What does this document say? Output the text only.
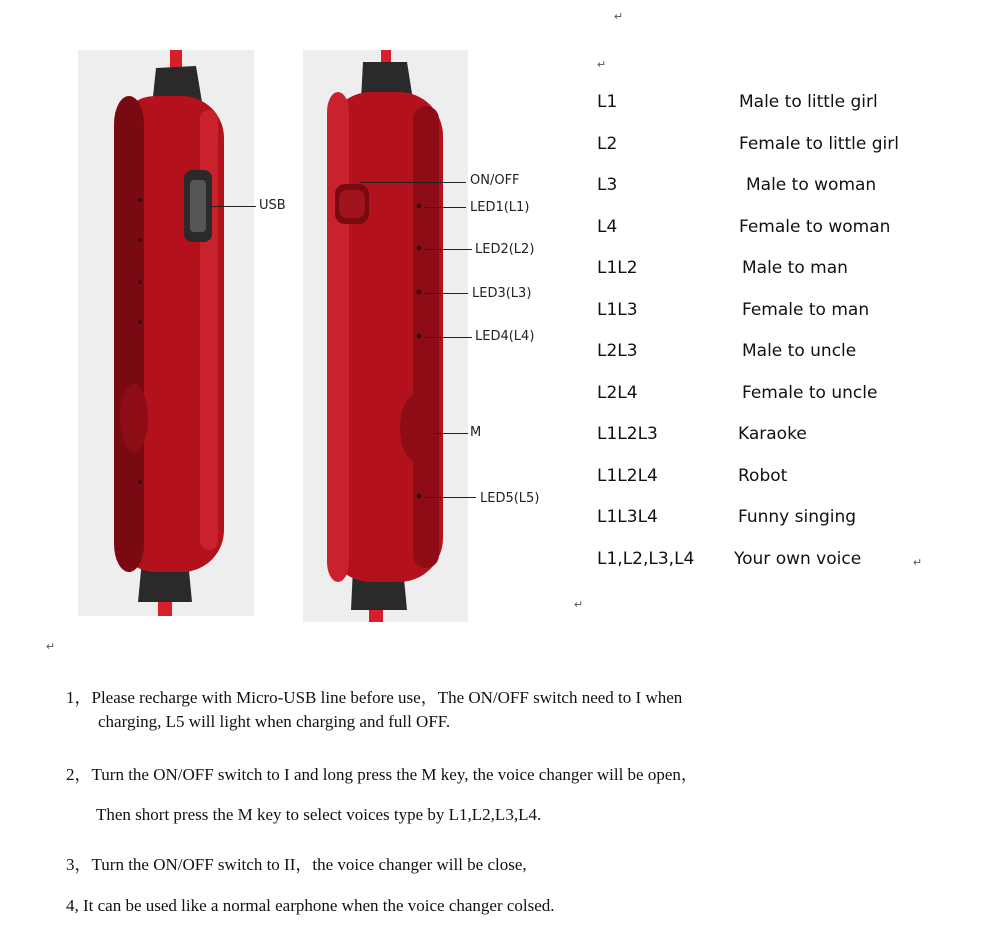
USB
ON/OFF
LED1(L1)
LED2(L2)
LED3(L3)
LED4(L4)
M
LED5(L5)
↵
↵
↵
↵
↵
L1	Male to little girl
L2	Female to little girl
L3	Male to woman
L4	Female to woman
L1L2	Male to man
L1L3	Female to man
L2L3	Male to uncle
L2L4	Female to uncle
L1L2L3	Karaoke
L1L2L4	Robot
L1L3L4	Funny singing
L1,L2,L3,L4 Your own voice
1，Please recharge with Micro-USB line before use，The ON/OFF switch need to I when
charging, L5 will light when charging and full OFF.
2，Turn the ON/OFF switch to I and long press the M key, the voice changer will be open，
Then short press the M key to select voices type by L1,L2,L3,L4.
3，Turn the ON/OFF switch to II，the voice changer will be close,
4, It can be used like a normal earphone when the voice changer colsed.
